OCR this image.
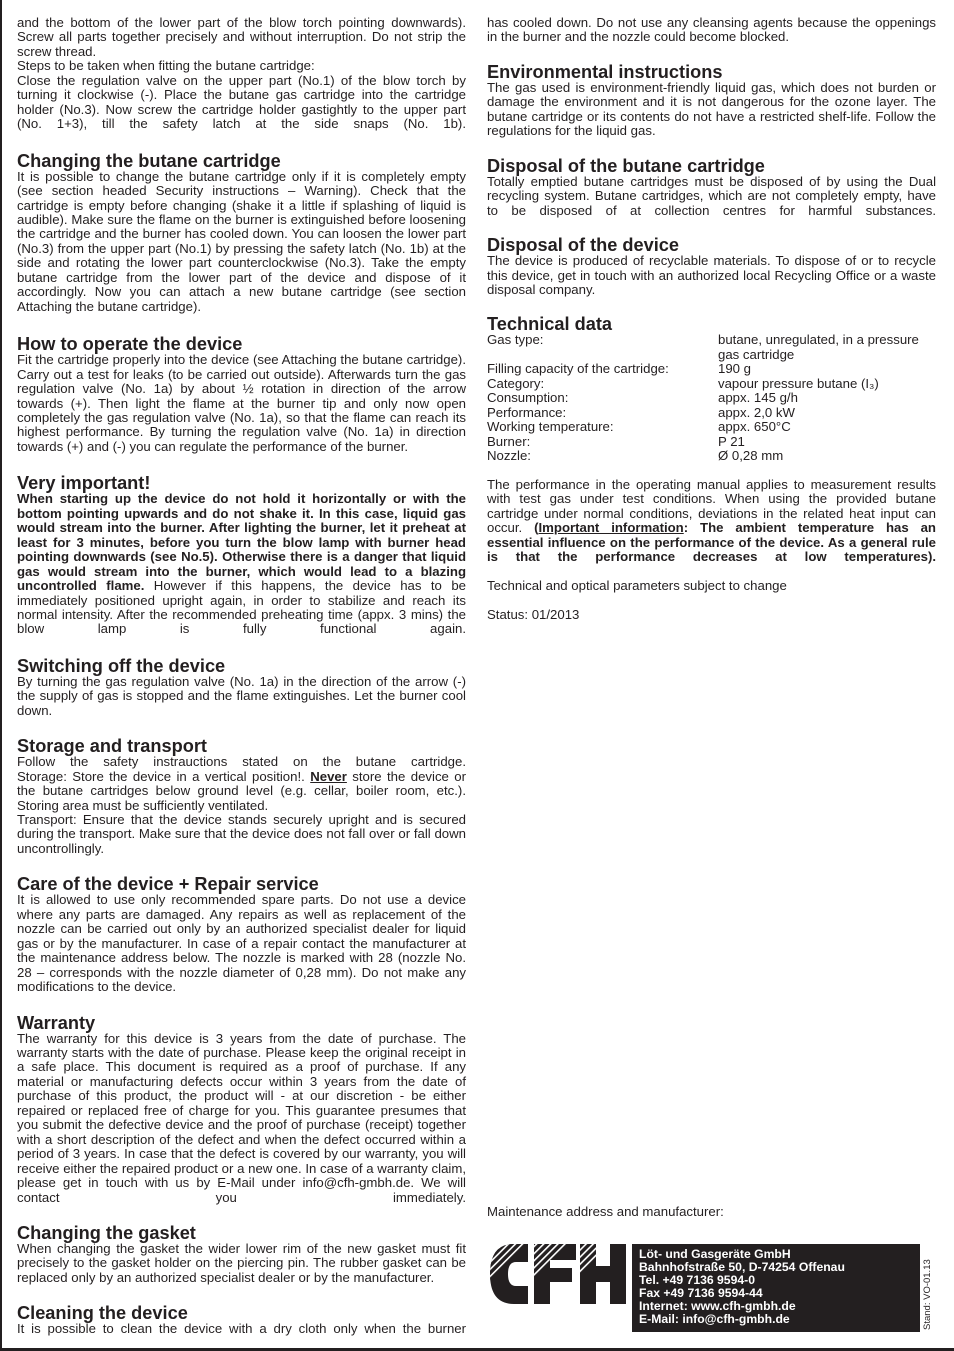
and the bottom of the lower part of the blow torch pointing downwards). Screw all parts together precisely and without interruption. Do not strip the screw thread.

Steps to be taken when fitting the butane cartridge:

Close the regulation valve on the upper part (No.1) of the blow torch by turning it clockwise (-). Place the butane gas cartridge into the cartridge holder (No.3). Now screw the cartridge holder gastightly to the upper part (No. 1+3), till the safety latch at the side snaps (No. 1b).

Changing the butane cartridge

It is possible to change the butane cartridge only if it is completely empty (see section headed Security instructions – Warning). Check that the cartridge is empty before changing (shake it a little if splashing of liquid is audible). Make sure the flame on the burner is extinguished before loosening the cartridge and the burner has cooled down. You can loosen the lower part (No.3) from the upper part (No.1) by pressing the safety latch (No. 1b) at the side and rotating the lower part counterclockwise (No.3). Take the empty butane cartridge from the lower part of the device and dispose of it accordingly. Now you can attach a new butane cartridge (see section Attaching the butane cartridge).

How to operate the device

Fit the cartridge properly into the device (see Attaching the butane cartridge). Carry out a test for leaks (to be carried out outside). Afterwards turn the gas regulation valve (No. 1a) by about ½ rotation in direction of the arrow towards (+). Then light the flame at the burner tip and only now open completely the gas regulation valve (No. 1a), so that the flame can reach its highest performance. By turning the regulation valve (No. 1a) in direction towards (+) and (-) you can regulate the performance of the burner.

Very important!

When starting up the device do not hold it horizontally or with the bottom pointing upwards and do not shake it. In this case, liquid gas would stream into the burner. After lighting the burner, let it preheat at least for 3 minutes, before you turn the blow lamp with burner head pointing downwards (see No.5). Otherwise there is a danger that liquid gas would stream into the burner, which would lead to a blazing uncontrolled flame. However if this happens, the device has to be immediately positioned upright again, in order to stabilize and reach its normal intensity. After the recommended preheating time (appx. 3 mins) the blow lamp is fully functional again.

Switching off the device

By turning the gas regulation valve (No. 1a) in the direction of the arrow (-) the supply of gas is stopped and the flame extinguishes. Let the burner cool down.

Storage and transport

Follow the safety instrauctions stated on the butane cartridge.

Storage: Store the device in a vertical position!. Never store the device or the butane cartridges below ground level (e.g. cellar, boiler room, etc.). Storing area must be sufficiently ventilated.

Transport: Ensure that the device stands securely upright and is secured during the transport. Make sure that the device does not fall over or fall down uncontrollingly.

Care of the device + Repair service

It is allowed to use only recommended spare parts. Do not use a device where any parts are damaged. Any repairs as well as replacement of the nozzle can be carried out only by an authorized specialist dealer for liquid gas or by the manufacturer. In case of a repair contact the manufacturer at the maintenance address below. The nozzle is marked with 28 (nozzle No. 28 – corresponds with the nozzle diameter of 0,28 mm). Do not make any modifications to the device.

Warranty

The warranty for this device is 3 years from the date of purchase. The warranty starts with the date of purchase. Please keep the original receipt in a safe place. This document is required as a proof of purchase. If any material or manufacturing defects occur within 3 years from the date of purchase of this product, the product will - at our discretion - be either repaired or replaced free of charge for you. This guarantee presumes that you submit the defective device and the proof of purchase (receipt) together with a short description of the defect and when the defect occurred within a period of 3 years. In case that the defect is covered by our warranty, you will receive either the repaired product or a new one. In case of a warranty claim, please get in touch with us by E-Mail under info@cfh-gmbh.de. We will contact you immediately.

Changing the gasket

When changing the gasket the wider lower rim of the new gasket must fit precisely to the gasket holder on the piercing pin. The rubber gasket can be replaced only by an authorized specialist dealer or by the manufacturer.

Cleaning the device

It is possible to clean the device with a dry cloth only when the burner

has cooled down. Do not use any cleansing agents because the oppenings in the burner and the nozzle could become blocked.

Environmental instructions

The gas used is environment-friendly liquid gas, which does not burden or damage the environment and it is not dangerous for the ozone layer. The butane cartridge or its contents do not have a restricted shelf-life. Follow the regulations for the liquid gas.

Disposal of the butane cartridge

Totally emptied butane cartridges must be disposed of by using the Dual recycling system. Butane cartridges, which are not completely empty, have to be disposed of at collection centres for harmful substances.

Disposal of the device

The device is produced of recyclable materials. To dispose of or to recycle this device, get in touch with an authorized local Recycling Office or a waste disposal company.

Technical data
Gas type:	butane, unregulated, in a pressure gas cartridge
Filling capacity of the cartridge:	190 g
Category:	vapour pressure butane (I₃)
Consumption:	appx. 145 g/h
Performance:	appx. 2,0 kW
Working temperature:	appx. 650°C
Burner:	P 21
Nozzle:	Ø 0,28 mm

The performance in the operating manual applies to measurement results with test gas under test conditions. When using the provided butane cartridge under normal conditions, deviations in the related heat input can occur. (Important information: The ambient temperature has an essential influence on the performance of the device. As a general rule is that the performance decreases at low temperatures).

Technical and optical parameters subject to change

Status: 01/2013

Maintenance address and manufacturer:
Löt- und Gasgeräte GmbH
Bahnhofstraße 50, D-74254 Offenau
Tel. +49 7136 9594-0
Fax +49 7136 9594-44
Internet: www.cfh-gmbh.de
E-Mail: info@cfh-gmbh.de	Stand: VO-01.13
